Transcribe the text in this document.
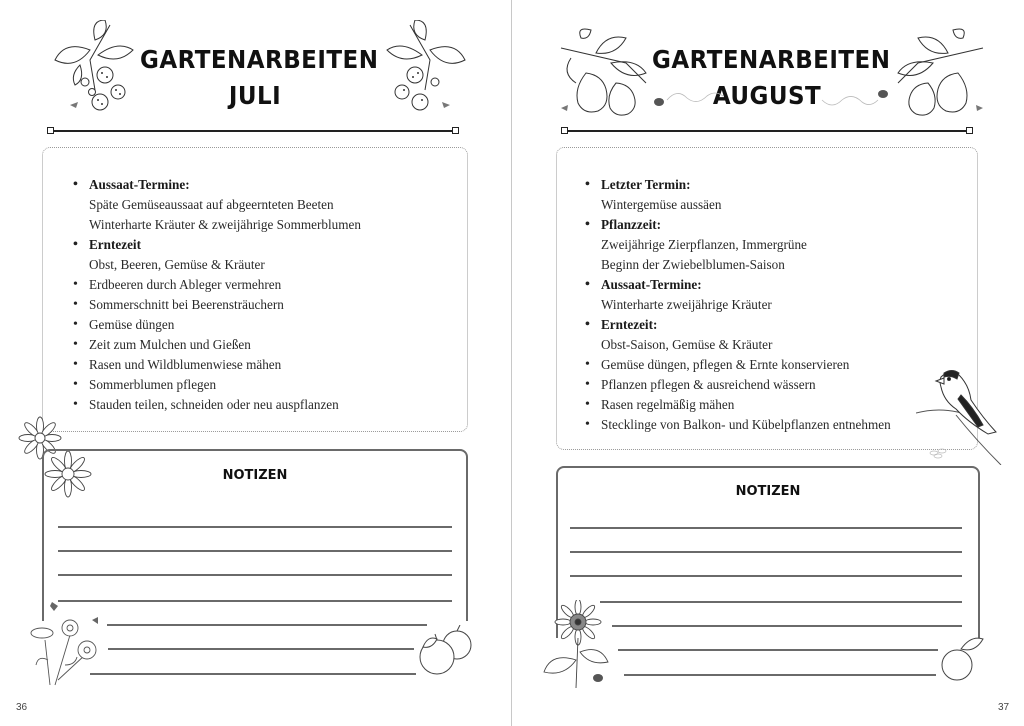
GARTENARBEITEN
JULI
• Aussaat-Termine:
Späte Gemüseaussaat auf abgeernteten Beeten
Winterharte Kräuter & zweijährige Sommerblumen
• Erntezeit
Obst, Beeren, Gemüse & Kräuter
• Erdbeeren durch Ableger vermehren
• Sommerschnitt bei Beerensträuchern
• Gemüse düngen
• Zeit zum Mulchen und Gießen
• Rasen und Wildblumenwiese mähen
• Sommerblumen pflegen
• Stauden teilen, schneiden oder neu auspflanzen
NOTIZEN
36
GARTENARBEITEN
AUGUST
• Letzter Termin:
Wintergemüse aussäen
• Pflanzzeit:
Zweijährige Zierpflanzen, Immergrüne
Beginn der Zwiebelblumen-Saison
• Aussaat-Termine:
Winterharte zweijährige Kräuter
• Erntezeit:
Obst-Saison, Gemüse & Kräuter
• Gemüse düngen, pflegen & Ernte konservieren
• Pflanzen pflegen & ausreichend wässern
• Rasen regelmäßig mähen
• Stecklinge von Balkon- und Kübelpflanzen entnehmen
NOTIZEN
37
